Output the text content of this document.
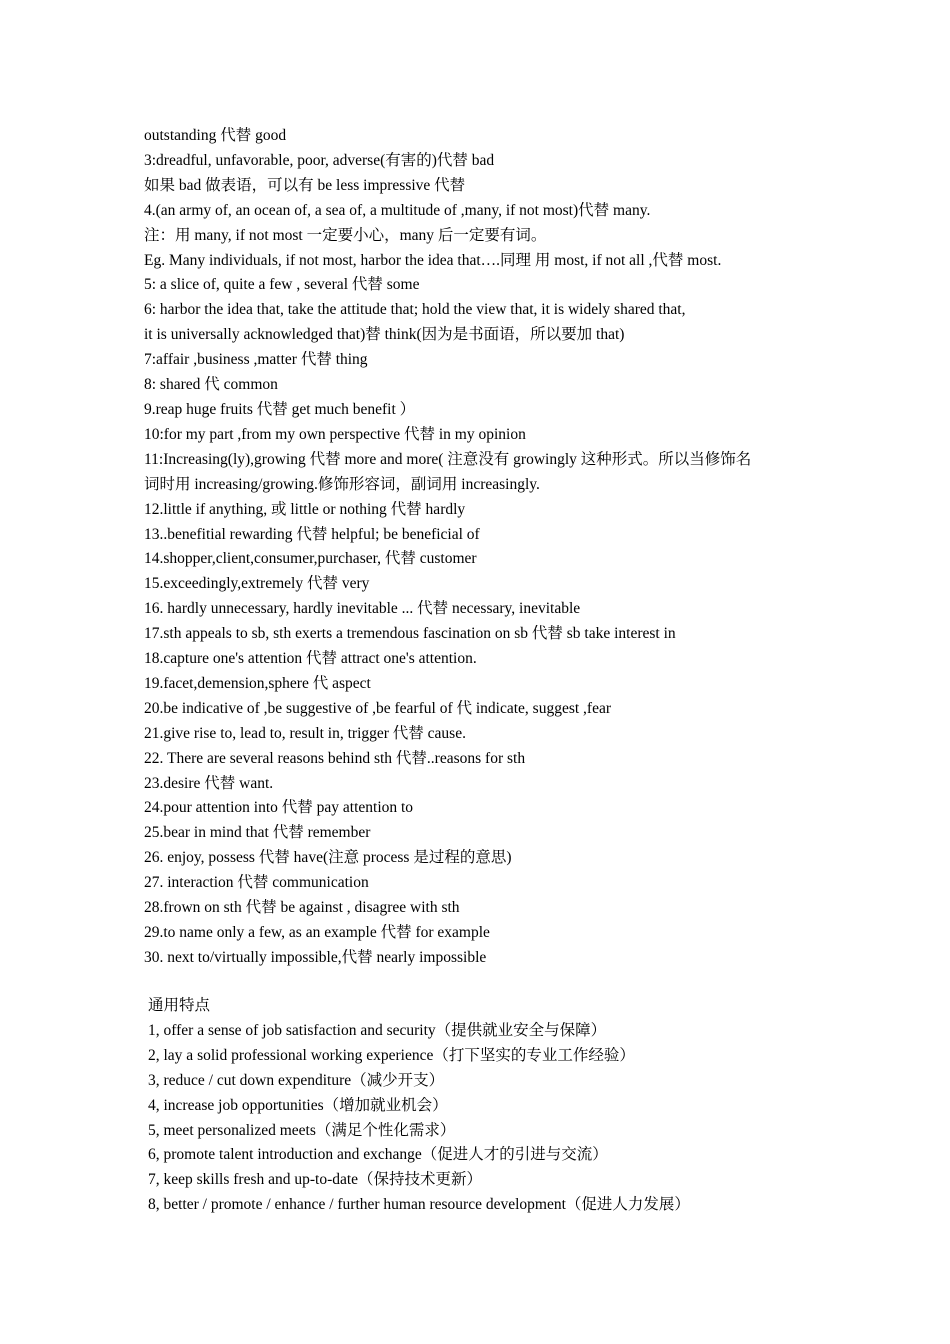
outstanding 代替 good
3:dreadful, unfavorable, poor, adverse(有害的)代替 bad
如果 bad 做表语，可以有 be less impressive 代替
4.(an army of, an ocean of, a sea of, a multitude of ,many, if not most)代替 many.
注：用 many, if not most 一定要小心，many 后一定要有词。
Eg. Many individuals, if not most, harbor the idea that….同理 用 most, if not all ,代替 most.
5: a slice of, quite a few , several 代替 some
6: harbor the idea that, take the attitude that; hold the view that, it is widely shared that,
it is universally acknowledged that)替 think(因为是书面语，所以要加 that)
7:affair ,business ,matter 代替 thing
8: shared 代 common
9.reap huge fruits 代替 get much benefit ）
10:for my part ,from my own perspective 代替 in my opinion
11:Increasing(ly),growing 代替 more and more( 注意没有 growingly 这种形式。所以当修饰名
词时用 increasing/growing.修饰形容词，副词用 increasingly.
12.little if anything, 或 little or nothing 代替 hardly
13..benefitial rewarding 代替 helpful; be beneficial of
14.shopper,client,consumer,purchaser, 代替 customer
15.exceedingly,extremely 代替 very
16. hardly unnecessary, hardly inevitable ... 代替 necessary, inevitable
17.sth appeals to sb, sth exerts a tremendous fascination on sb 代替 sb take interest in
18.capture one's attention 代替 attract one's attention.
19.facet,demension,sphere 代 aspect
20.be indicative of ,be suggestive of ,be fearful of 代 indicate, suggest ,fear
21.give rise to, lead to, result in, trigger 代替 cause.
22. There are several reasons behind sth 代替..reasons for sth
23.desire 代替 want.
24.pour attention into 代替 pay attention to
25.bear in mind that 代替 remember
26. enjoy, possess 代替 have(注意 process 是过程的意思)
27. interaction 代替 communication
28.frown on sth 代替 be against , disagree with sth
29.to name only a few, as an example 代替 for example
30. next to/virtually impossible,代替 nearly impossible
通用特点
1, offer a sense of job satisfaction and security（提供就业安全与保障）
2, lay a solid professional working experience（打下坚实的专业工作经验）
3, reduce / cut down expenditure（减少开支）
4, increase job opportunities（增加就业机会）
5, meet personalized meets（满足个性化需求）
6, promote talent introduction and exchange（促进人才的引进与交流）
7, keep skills fresh and up-to-date（保持技术更新）
8, better / promote / enhance / further human resource development（促进人力发展）
